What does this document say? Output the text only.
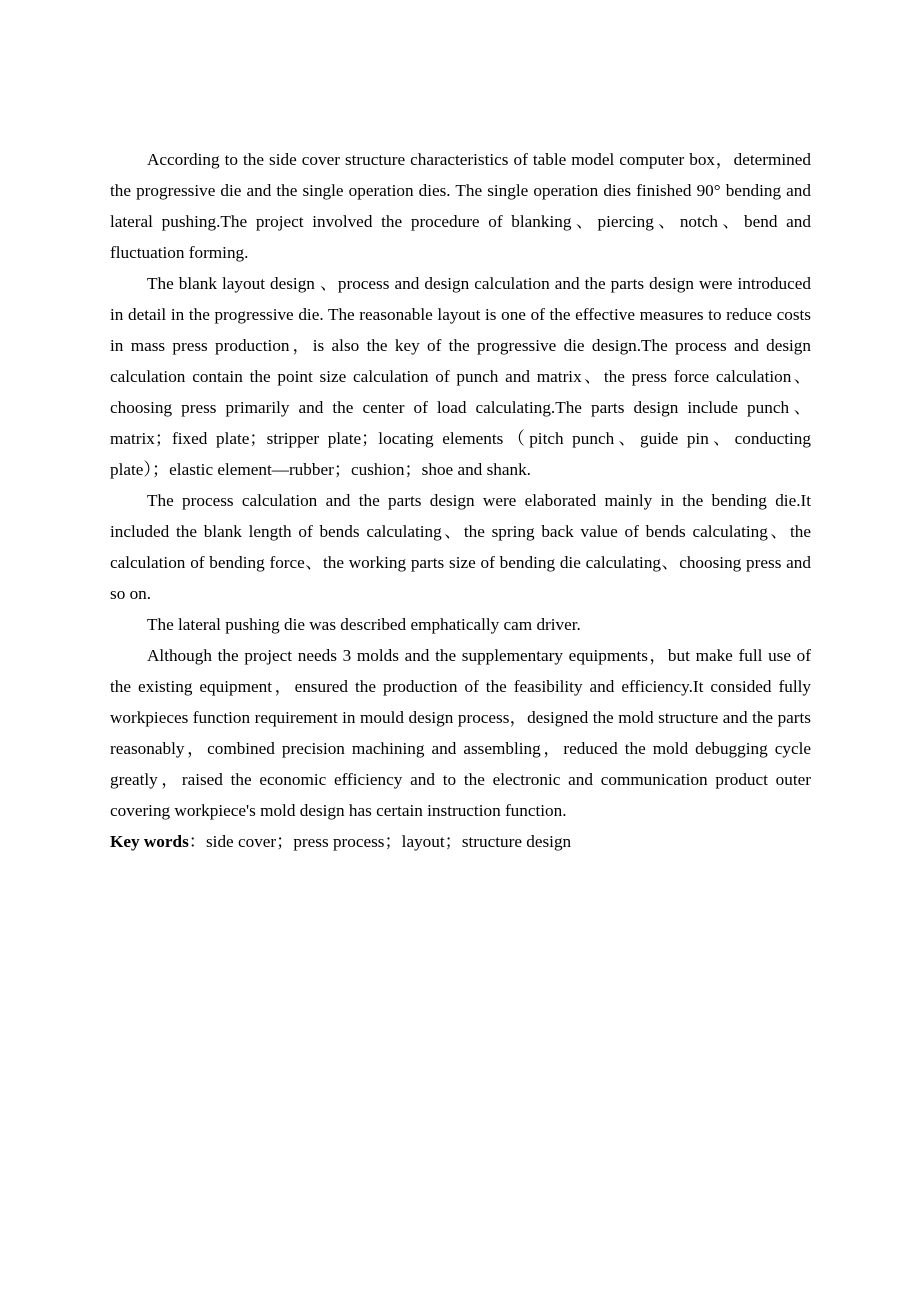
According to the side cover structure characteristics of table model computer box，determined the progressive die and the single operation dies. The single operation dies finished 90° bending and lateral pushing.The project involved the procedure of blanking、piercing、notch、bend and fluctuation forming.

The blank layout design 、process and design calculation and the parts design were introduced in detail in the progressive die. The reasonable layout is one of the effective measures to reduce costs in mass press production，is also the key of the progressive die design.The process and design calculation contain the point size calculation of punch and matrix、the press force calculation、choosing press primarily and the center of load calculating.The parts design include punch、matrix；fixed plate；stripper plate；locating elements（pitch punch、guide pin、conducting plate）；elastic element—rubber；cushion；shoe and shank.

The process calculation and the parts design were elaborated mainly in the bending die.It included the blank length of bends calculating、the spring back value of bends calculating、the calculation of bending force、the working parts size of bending die calculating、choosing press and so on.

The lateral pushing die was described emphatically cam driver.

Although the project needs 3 molds and the supplementary equipments，but make full use of the existing equipment，ensured the production of the feasibility and efficiency.It consided fully workpieces function requirement in mould design process，designed the mold structure and the parts reasonably，combined precision machining and assembling，reduced the mold debugging cycle greatly，raised the economic efficiency and to the electronic and communication product outer covering workpiece's mold design has certain instruction function.

Key words：side cover；press process；layout；structure design
